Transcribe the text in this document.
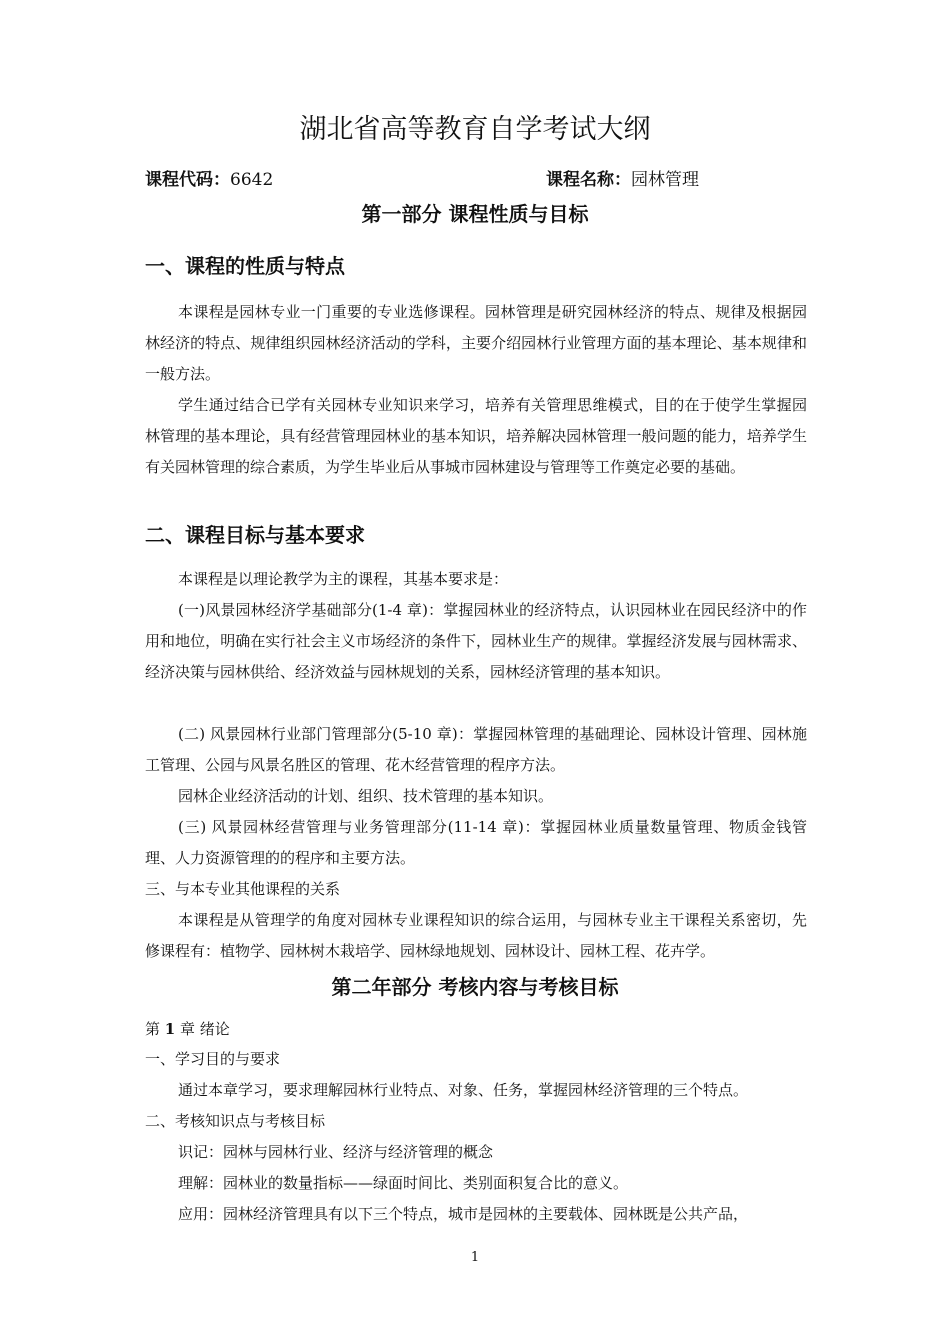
湖北省高等教育自学考试大纲
课程代码：6642	课程名称：园林管理
第一部分 课程性质与目标
一、课程的性质与特点
本课程是园林专业一门重要的专业选修课程。园林管理是研究园林经济的特点、规律及根据园林经济的特点、规律组织园林经济活动的学科，主要介绍园林行业管理方面的基本理论、基本规律和一般方法。
学生通过结合已学有关园林专业知识来学习，培养有关管理思维模式，目的在于使学生掌握园林管理的基本理论，具有经营管理园林业的基本知识，培养解决园林管理一般问题的能力，培养学生有关园林管理的综合素质，为学生毕业后从事城市园林建设与管理等工作奠定必要的基础。
二、课程目标与基本要求
本课程是以理论教学为主的课程，其基本要求是：
(一)风景园林经济学基础部分(1-4 章)：掌握园林业的经济特点，认识园林业在园民经济中的作用和地位，明确在实行社会主义市场经济的条件下，园林业生产的规律。掌握经济发展与园林需求、经济决策与园林供给、经济效益与园林规划的关系，园林经济管理的基本知识。
(二) 风景园林行业部门管理部分(5-10 章)：掌握园林管理的基础理论、园林设计管理、园林施工管理、公园与风景名胜区的管理、花木经营管理的程序方法。
园林企业经济活动的计划、组织、技术管理的基本知识。
(三) 风景园林经营管理与业务管理部分(11-14 章)：掌握园林业质量数量管理、物质金钱管理、人力资源管理的的程序和主要方法。
三、与本专业其他课程的关系
本课程是从管理学的角度对园林专业课程知识的综合运用，与园林专业主干课程关系密切，先修课程有：植物学、园林树木栽培学、园林绿地规划、园林设计、园林工程、花卉学。
第二年部分 考核内容与考核目标
第 1 章 绪论
一、学习目的与要求
通过本章学习，要求理解园林行业特点、对象、任务，掌握园林经济管理的三个特点。
二、考核知识点与考核目标
识记：园林与园林行业、经济与经济管理的概念
理解：园林业的数量指标——绿面时间比、类别面积复合比的意义。
应用：园林经济管理具有以下三个特点，城市是园林的主要载体、园林既是公共产品，
1
